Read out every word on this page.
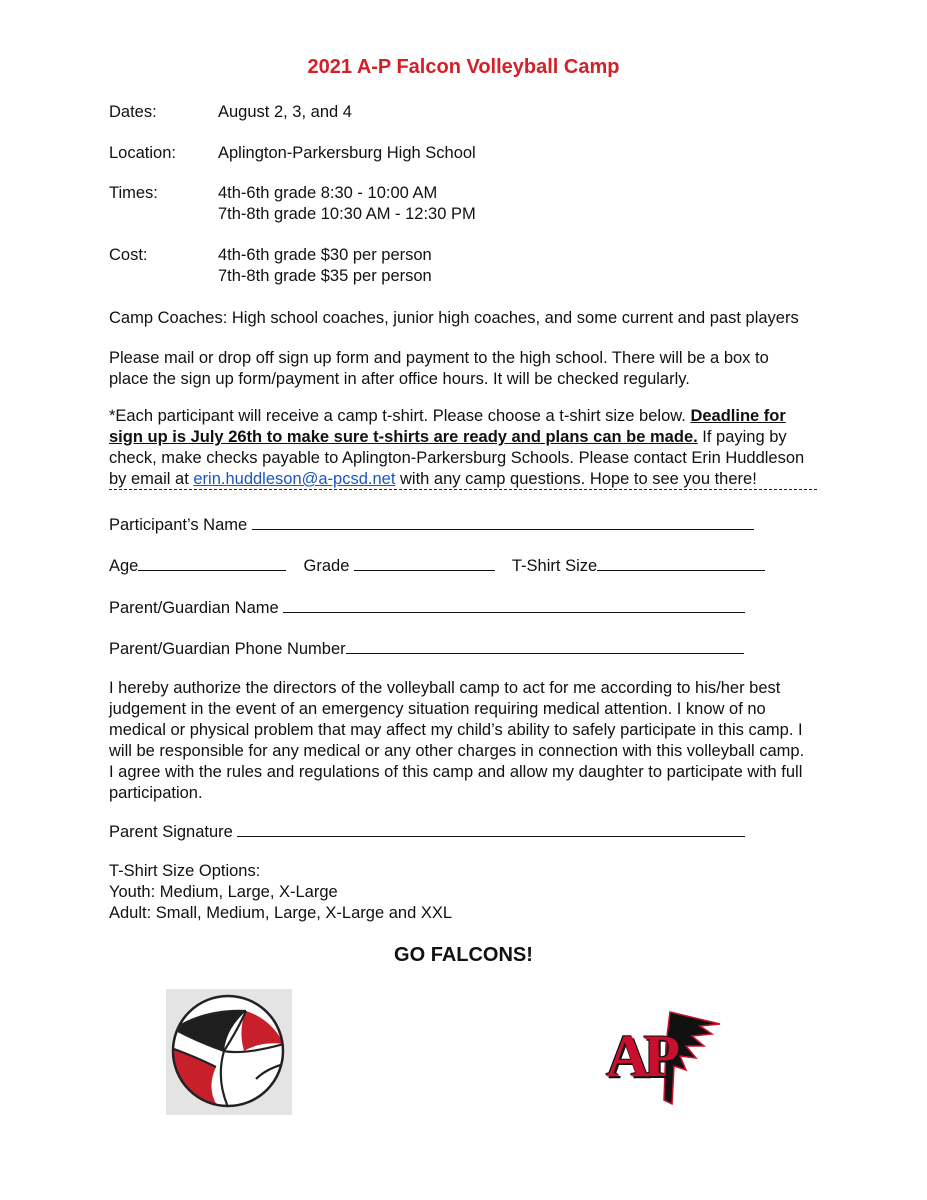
2021 A-P Falcon Volleyball Camp
Dates:	August 2, 3, and 4
Location:	Aplington-Parkersburg High School
Times:	4th-6th grade 8:30 - 10:00 AM
7th-8th grade 10:30 AM - 12:30 PM
Cost:	4th-6th grade $30 per person
7th-8th grade $35 per person
Camp Coaches: High school coaches, junior high coaches, and some current and past players
Please mail or drop off sign up form and payment to the high school. There will be a box to
place the sign up form/payment in after office hours. It will be checked regularly.
*Each participant will receive a camp t-shirt. Please choose a t-shirt size below. Deadline for
sign up is July 26th to make sure t-shirts are ready and plans can be made. If paying by
check, make checks payable to Aplington-Parkersburg Schools. Please contact Erin Huddleson
by email at erin.huddleson@a-pcsd.net with any camp questions. Hope to see you there!
Participant’s Name
Age	Grade	T-Shirt Size
Parent/Guardian Name
Parent/Guardian Phone Number
I hereby authorize the directors of the volleyball camp to act for me according to his/her best
judgement in the event of an emergency situation requiring medical attention. I know of no
medical or physical problem that may affect my child’s ability to safely participate in this camp. I
will be responsible for any medical or any other charges in connection with this volleyball camp.
I agree with the rules and regulations of this camp and allow my daughter to participate with full
participation.
Parent Signature
T-Shirt Size Options:
Youth: Medium, Large, X-Large
Adult: Small, Medium, Large, X-Large and XXL
GO FALCONS!
AP
